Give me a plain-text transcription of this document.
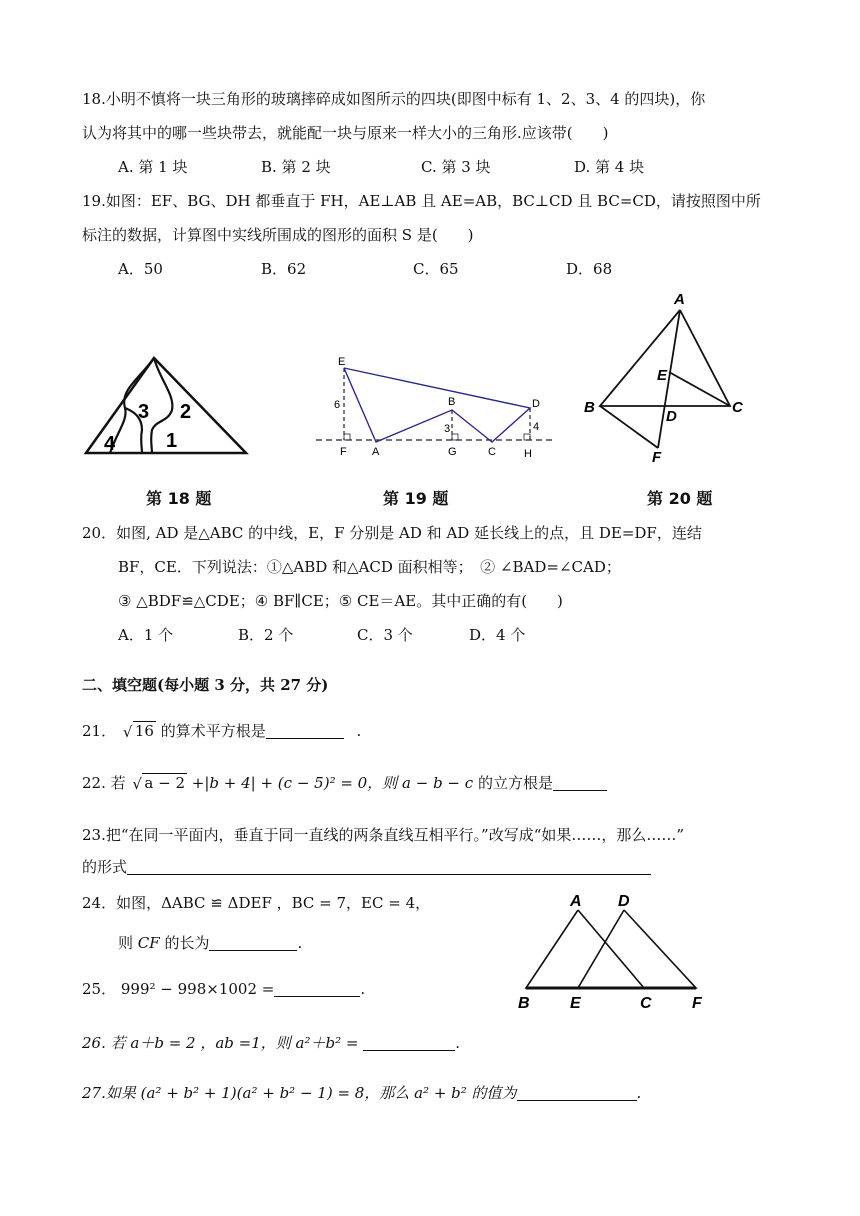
18.小明不慎将一块三角形的玻璃摔碎成如图所示的四块(即图中标有 1、2、3、4 的四块)，你
认为将其中的哪一些块带去，就能配一块与原来一样大小的三角形.应该带(　　)
A. 第 1 块	B. 第 2 块	C. 第 3 块	D. 第 4 块
19.如图：EF、BG、DH 都垂直于 FH，AE⊥AB 且 AE=AB，BC⊥CD 且 BC=CD，请按照图中所
标注的数据，计算图中实线所围成的图形的面积 S 是(　　)
A．50	B．62	C．65	D．68
3 2
1
4
E
B	D
F A	G	C	H
6
3	4
A
E
B
D
C
F
第 18 题	第 19 题	第 20 题
20．如图, AD 是△ABC 的中线，E，F 分别是 AD 和 AD 延长线上的点，且 DE=DF，连结
BF，CE．下列说法：①△ABD 和△ACD 面积相等；　② ∠BAD=∠CAD；
③ △BDF≌△CDE；④ BF∥CE；⑤ CE＝AE。其中正确的有(　　)
A．1 个	B．2 个	C．3 个	D．4 个
二、填空题(每小题 3 分，共 27 分)
21． √ 16 的算术平方根是	.
22. 若 √ a − 2 +|b + 4| + (c − 5)² = 0，则 a − b − c 的立方根是
23.把“在同一平面内，垂直于同一直线的两条直线互相平行。”改写成“如果……，那么……”
的形式
24．如图，ΔABC ≌ ΔDEF ，BC = 7，EC = 4，
则 CF 的长为	.
A D
B	E	C	F
25． 999² − 998×1002 =	.
26. 若 a＋b = 2 ，ab =1，则 a²＋b² =	.
27.如果 (a² + b² + 1)(a² + b² − 1) = 8，那么 a² + b² 的值为	.
